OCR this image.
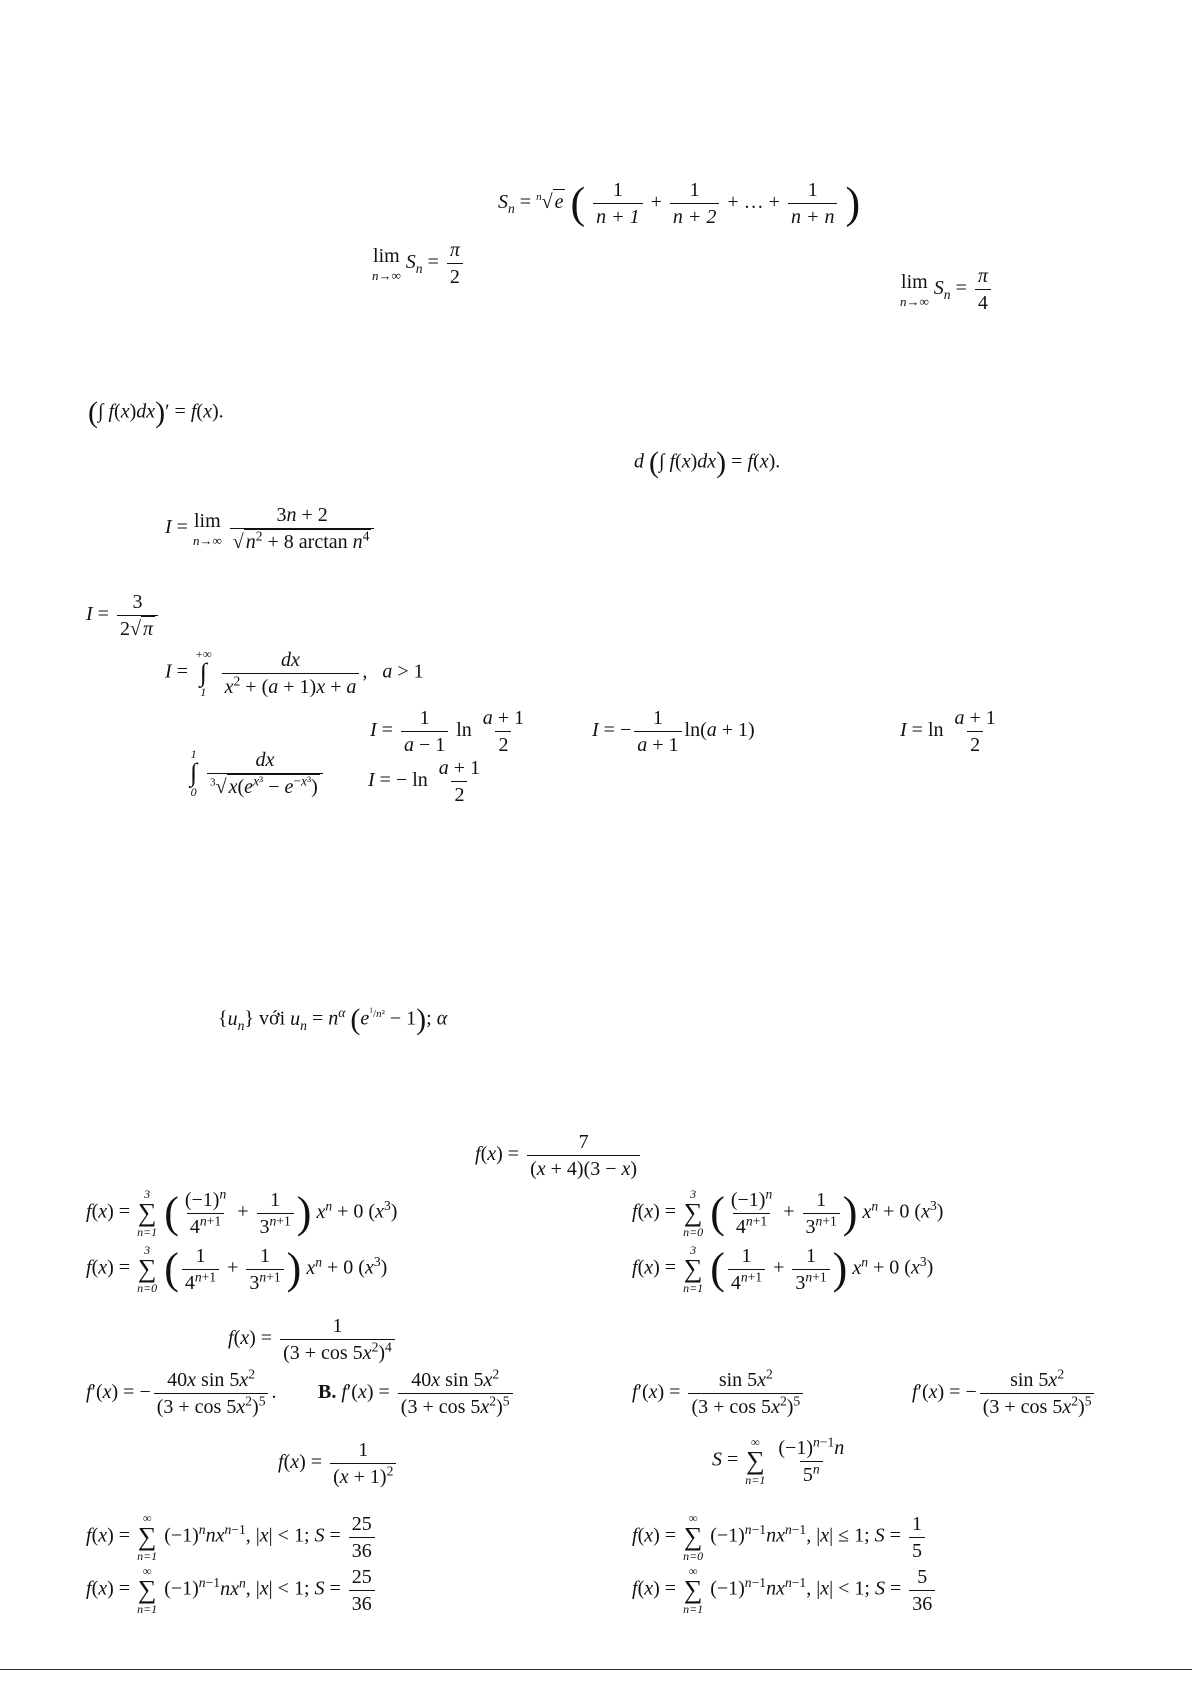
$S_n = ^n√$ e ( $\frac{1}{n + 1} + \frac{1}{n + 2}$ + … + $\frac{1}{n + n}$ )
lim
n→∞
$S_n = \frac{\pi}{2}$	lim
n→∞
$S_n = \frac{\pi}{4}$
(∫ f(x)dx)′ = f(x).
d (∫ f(x)dx) = f(x).
I = lim
n→∞
$\frac{3n + 2}{√ n^2 + 8 \arctan n^4}$
$I = \frac{3}{2√ \pi}$
I =
+∞
∫
1
$\frac{dx}{x^2 + (a + 1)x + a}$ ,   a > 1
$I = \frac{1}{a - 1}$ $\ln \frac{a + 1}{2}$	I = − $\frac{1}{a + 1} \ln(a + 1)$	$I = \ln \frac{a + 1}{2}$
1
∫
0
$\frac{dx}{^3√ x(e^{x^3} - e^{-x^3})}$ I = − $\ln \frac{a + 1}{2}$
$\{u_n\}$ với $u_n = n^\alpha$ $(e^{^1/n^2} - 1)$; α
$f(x) = \frac{7}{(x + 4)(3 - x)}$
f(x) =
3
∑
n=1 ( $\frac{(-1)^n}{4^{n+1}} + \frac{1}{3^{n+1}}$ ) $x^n + 0$ $(x^3)$	f(x) =
3
∑
n=0 ( $\frac{(-1)^n}{4^{n+1}} + \frac{1}{3^{n+1}}$ ) $x^n + 0$ $(x^3)$
f(x) =
3
∑
n=0 ( $\frac{1}{4^{n+1}} + \frac{1}{3^{n+1}}$ ) $x^n + 0$ $(x^3)$	f(x) =
3
∑
n=1 ( $\frac{1}{4^{n+1}} + \frac{1}{3^{n+1}}$ ) $x^n + 0$ $(x^3)$
$f(x) = \frac{1}{(3 + \cos 5x^2)^4}$
f′(x) = − $\frac{40x \sin 5x^2}{(3 + \cos 5x^2)^5}$ . B. $f'(x) = \frac{40x \sin 5x^2}{(3 + \cos 5x^2)^5}$	$f'(x) = \frac{\sin 5x^2}{(3 + \cos 5x^2)^5}$	f′(x) = − $\frac{\sin 5x^2}{(3 + \cos 5x^2)^5}$
$f(x) = \frac{1}{(x + 1)^2}$	S =
∞
∑
n=1
$\frac{(-1)^{n-1}n}{5^n}$
f(x) =
∞
∑
n=1
$(-1)^nnx^{n-1}$, |x| < 1; $S = \frac{25}{36}$	f(x) =
∞
∑
n=0
$(-1)^{n-1}nx^{n-1}$, |x| ≤ 1; $S = \frac{1}{5}$
f(x) =
∞
∑
n=1
$(-1)^{n-1}nx^n$, |x| < 1; $S = \frac{25}{36}$	f(x) =
∞
∑
n=1
$(-1)^{n-1}nx^{n-1}$, |x| < 1; $S = \frac{5}{36}$
